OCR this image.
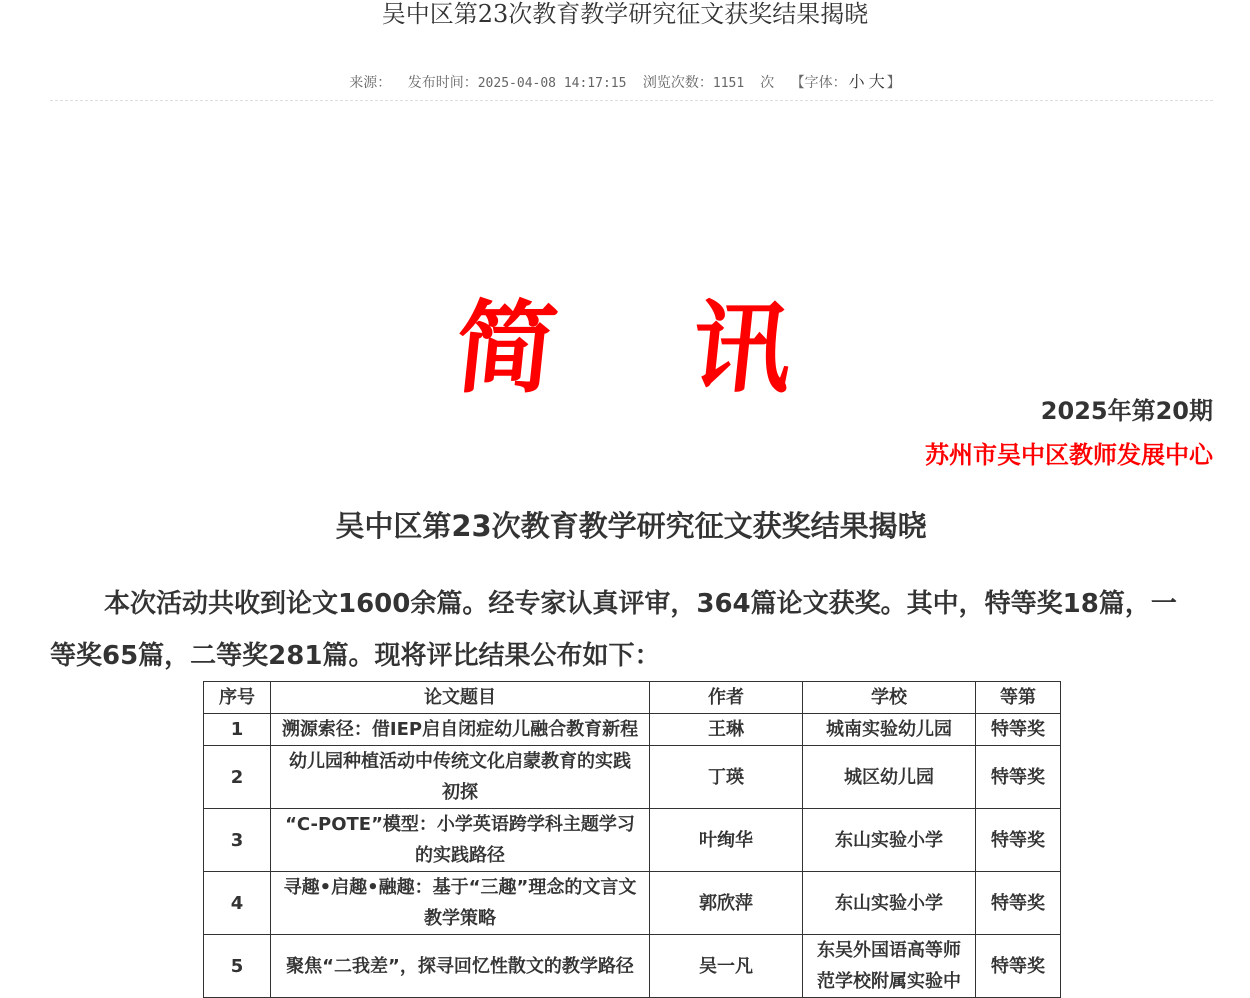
吴中区第23次教育教学研究征文获奖结果揭晓
来源： 发布时间：2025-04-08 14:17:15 浏览次数：1151 次 【字体： 小 大 】
简 讯
2025年第20期
苏州市吴中区教师发展中心
吴中区第23次教育教学研究征文获奖结果揭晓
本次活动共收到论文1600余篇。经专家认真评审，364篇论文获奖。其中，特等奖18篇，一等奖65篇，二等奖281篇。现将评比结果公布如下：
序号	论文题目	作者	学校	等第
1	溯源索径：借IEP启自闭症幼儿融合教育新程	王琳	城南实验幼儿园	特等奖
2	幼儿园种植活动中传统文化启蒙教育的实践初探	丁瑛	城区幼儿园	特等奖
3	“C-POTE”模型：小学英语跨学科主题学习的实践路径	叶绚华	东山实验小学	特等奖
4	寻趣•启趣•融趣：基于“三趣”理念的文言文教学策略	郭欣萍	东山实验小学	特等奖
5	聚焦“二我差”，探寻回忆性散文的教学路径	吴一凡	东吴外国语高等师范学校附属实验中	特等奖
